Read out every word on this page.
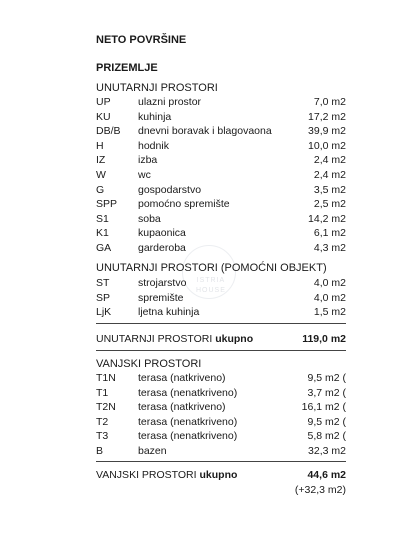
ISTRIA
HOUSE
NETO POVRŠINE
PRIZEMLJE
UNUTARNJI PROSTORI
UP	ulazni prostor	7,0 m2
KU	kuhinja	17,2 m2
DB/B dnevni boravak i blagovaona	39,9 m2
H	hodnik	10,0 m2
IZ	izba	2,4 m2
W	wc	2,4 m2
G	gospodarstvo	3,5 m2
SPP pomoćno spremište	2,5 m2
S1	soba	14,2 m2
K1	kupaonica	6,1 m2
GA	garderoba	4,3 m2
UNUTARNJI PROSTORI (POMOĆNI OBJEKT)
ST	strojarstvo	4,0 m2
SP	spremište	4,0 m2
LjK	ljetna kuhinja	1,5 m2
UNUTARNJI PROSTORI ukupno	119,0 m2
VANJSKI PROSTORI
T1N terasa (natkriveno)	9,5 m2 (
T1	terasa (nenatkriveno)	3,7 m2 (
T2N terasa (natkriveno)	16,1 m2 (
T2	terasa (nenatkriveno)	9,5 m2 (
T3	terasa (nenatkriveno)	5,8 m2 (
B	bazen	32,3 m2
VANJSKI PROSTORI ukupno	44,6 m2
(+32,3 m2)
